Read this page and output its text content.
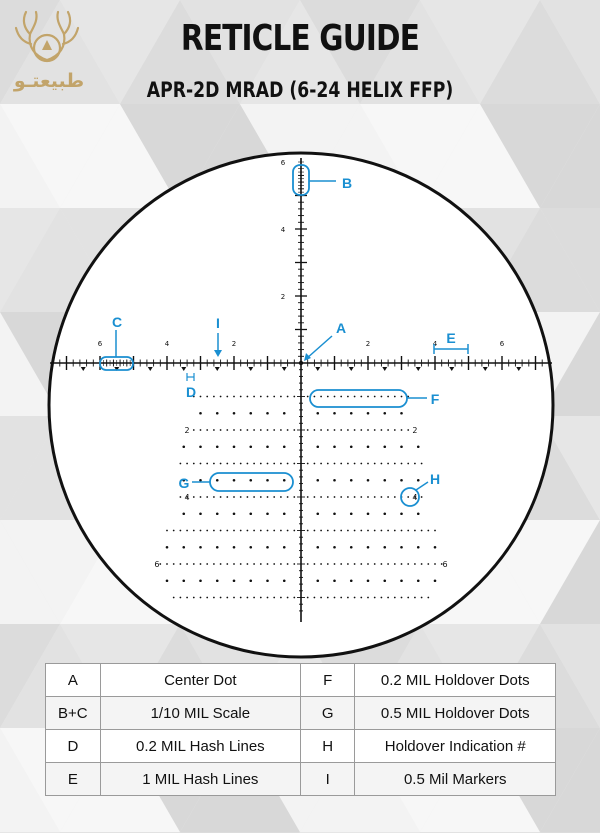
طبیعتـو
RETICLE GUIDE
APR-2D MRAD (6-24 HELIX FFP)
6	4	2	2	4	6
6
4
2
2
4
6
2
4
6
A
B
C
D
E
F
G	H
I
A	Center Dot	F	0.2 MIL Holdover Dots
B+C	1/10 MIL Scale	G	0.5 MIL Holdover Dots
D	0.2 MIL Hash Lines	H	Holdover Indication #
E	1 MIL Hash Lines	I	0.5 Mil Markers
